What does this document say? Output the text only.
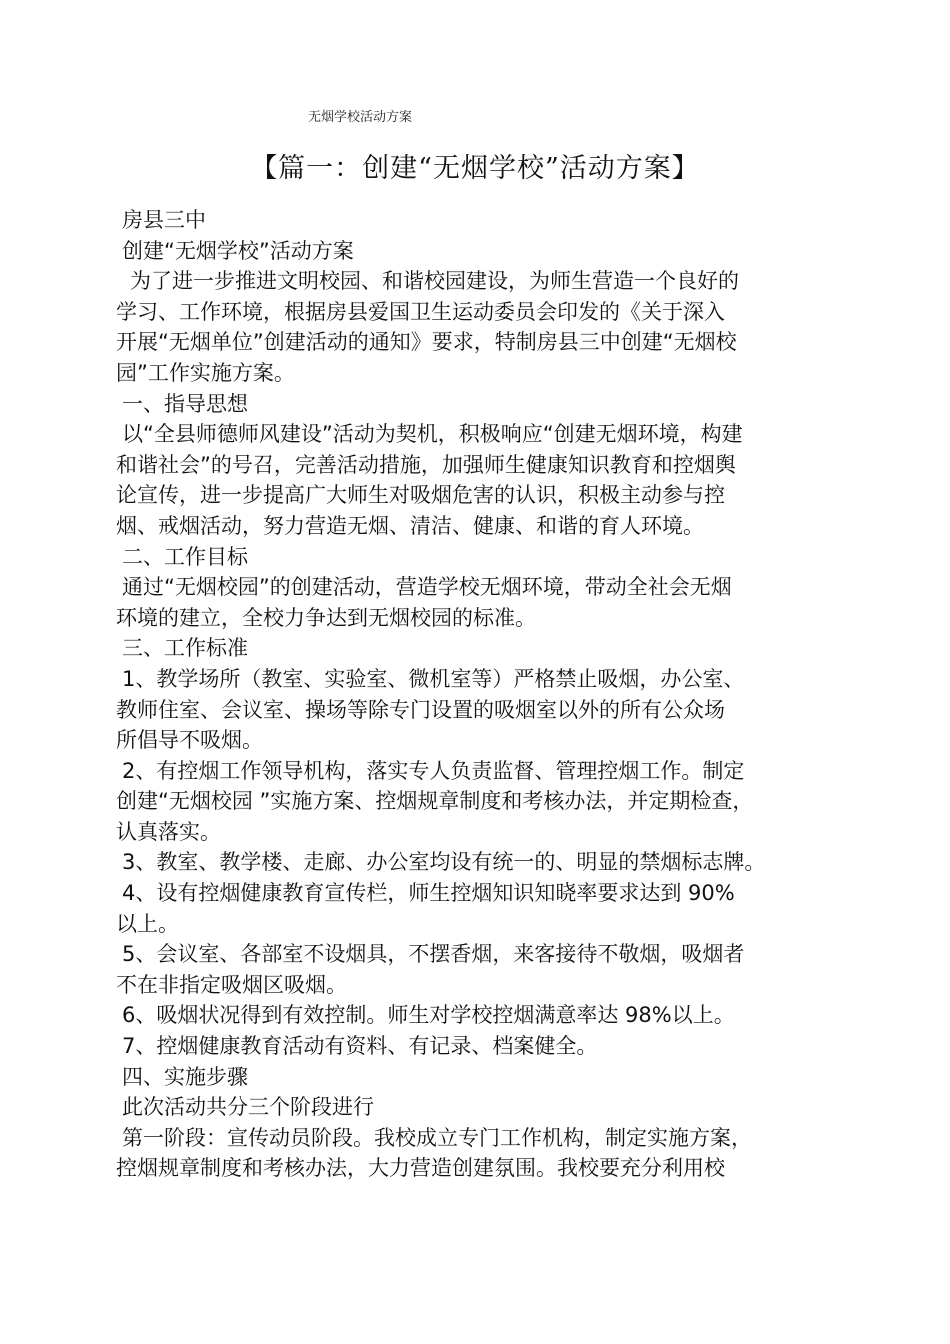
无烟学校活动方案
【篇一：创建“无烟学校”活动方案】
房县三中
创建“无烟学校”活动方案
为了进一步推进文明校园、和谐校园建设，为师生营造一个良好的
学习、工作环境，根据房县爱国卫生运动委员会印发的《关于深入
开展“无烟单位”创建活动的通知》要求，特制房县三中创建“无烟校
园”工作实施方案。
一、指导思想
以“全县师德师风建设”活动为契机，积极响应“创建无烟环境，构建
和谐社会”的号召，完善活动措施，加强师生健康知识教育和控烟舆
论宣传，进一步提高广大师生对吸烟危害的认识，积极主动参与控
烟、戒烟活动，努力营造无烟、清洁、健康、和谐的育人环境。
二、工作目标
通过“无烟校园”的创建活动，营造学校无烟环境，带动全社会无烟
环境的建立，全校力争达到无烟校园的标准。
三、工作标准
1、教学场所（教室、实验室、微机室等）严格禁止吸烟，办公室、
教师住室、会议室、操场等除专门设置的吸烟室以外的所有公众场
所倡导不吸烟。
2、有控烟工作领导机构，落实专人负责监督、管理控烟工作。制定
创建“无烟校园 ”实施方案、控烟规章制度和考核办法，并定期检查，
认真落实。
3、教室、教学楼、走廊、办公室均设有统一的、明显的禁烟标志牌。
4、设有控烟健康教育宣传栏，师生控烟知识知晓率要求达到 90%
以上。
5、会议室、各部室不设烟具，不摆香烟，来客接待不敬烟，吸烟者
不在非指定吸烟区吸烟。
6、吸烟状况得到有效控制。师生对学校控烟满意率达 98%以上。
7、控烟健康教育活动有资料、有记录、档案健全。
四、实施步骤
此次活动共分三个阶段进行
第一阶段：宣传动员阶段。我校成立专门工作机构，制定实施方案，
控烟规章制度和考核办法，大力营造创建氛围。我校要充分利用校
